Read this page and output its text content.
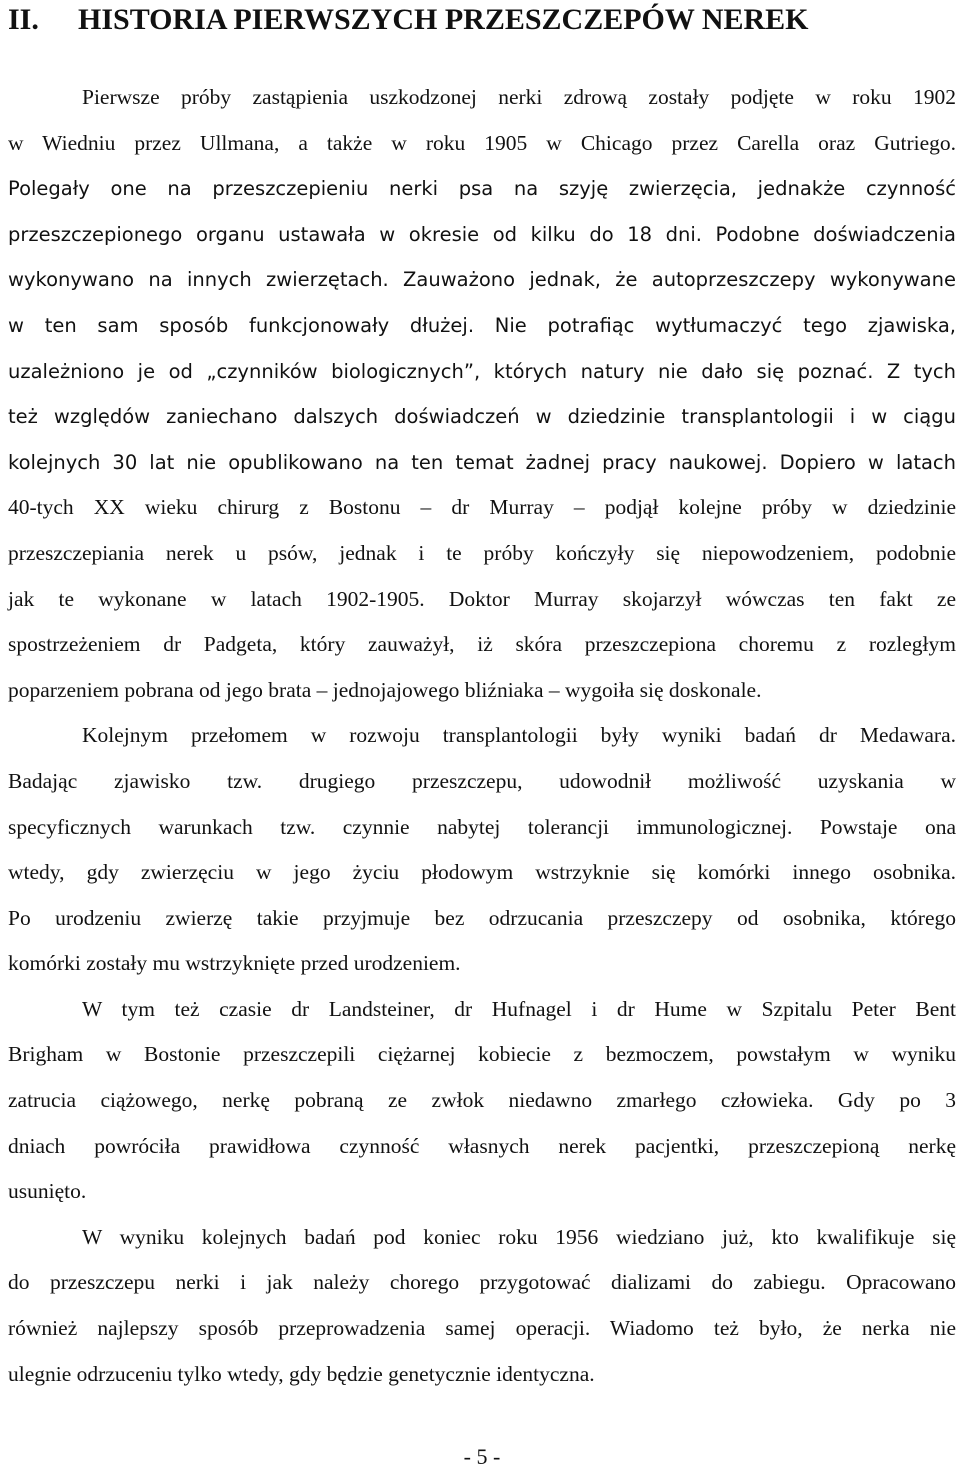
II. HISTORIA PIERWSZYCH PRZESZCZEPÓW NEREK
Pierwsze próby zastąpienia uszkodzonej nerki zdrową zostały podjęte w roku 1902
w Wiedniu przez Ullmana, a także w roku 1905 w Chicago przez Carella oraz Gutriego.
Polegały one na przeszczepieniu nerki psa na szyję zwierzęcia, jednakże czynność
przeszczepionego organu ustawała w okresie od kilku do 18 dni. Podobne doświadczenia
wykonywano na innych zwierzętach. Zauważono jednak, że autoprzeszczepy wykonywane
w ten sam sposób funkcjonowały dłużej. Nie potrafiąc wytłumaczyć tego zjawiska,
uzależniono je od „czynników biologicznych”, których natury nie dało się poznać. Z tych
też względów zaniechano dalszych doświadczeń w dziedzinie transplantologii i w ciągu
kolejnych 30 lat nie opublikowano na ten temat żadnej pracy naukowej. Dopiero w latach
40-tych XX wieku chirurg z Bostonu – dr Murray – podjął kolejne próby w dziedzinie
przeszczepiania nerek u psów, jednak i te próby kończyły się niepowodzeniem, podobnie
jak te wykonane w latach 1902-1905. Doktor Murray skojarzył wówczas ten fakt ze
spostrzeżeniem dr Padgeta, który zauważył, iż skóra przeszczepiona choremu z rozległym
poparzeniem pobrana od jego brata – jednojajowego bliźniaka – wygoiła się doskonale.
Kolejnym przełomem w rozwoju transplantologii były wyniki badań dr Medawara.
Badając zjawisko tzw. drugiego przeszczepu, udowodnił możliwość uzyskania w
specyficznych warunkach tzw. czynnie nabytej tolerancji immunologicznej. Powstaje ona
wtedy, gdy zwierzęciu w jego życiu płodowym wstrzyknie się komórki innego osobnika.
Po urodzeniu zwierzę takie przyjmuje bez odrzucania przeszczepy od osobnika, którego
komórki zostały mu wstrzyknięte przed urodzeniem.
W tym też czasie dr Landsteiner, dr Hufnagel i dr Hume w Szpitalu Peter Bent
Brigham w Bostonie przeszczepili ciężarnej kobiecie z bezmoczem, powstałym w wyniku
zatrucia ciążowego, nerkę pobraną ze zwłok niedawno zmarłego człowieka. Gdy po 3
dniach powróciła prawidłowa czynność własnych nerek pacjentki, przeszczepioną nerkę
usunięto.
W wyniku kolejnych badań pod koniec roku 1956 wiedziano już, kto kwalifikuje się
do przeszczepu nerki i jak należy chorego przygotować dializami do zabiegu. Opracowano
również najlepszy sposób przeprowadzenia samej operacji. Wiadomo też było, że nerka nie
ulegnie odrzuceniu tylko wtedy, gdy będzie genetycznie identyczna.
- 5 -
